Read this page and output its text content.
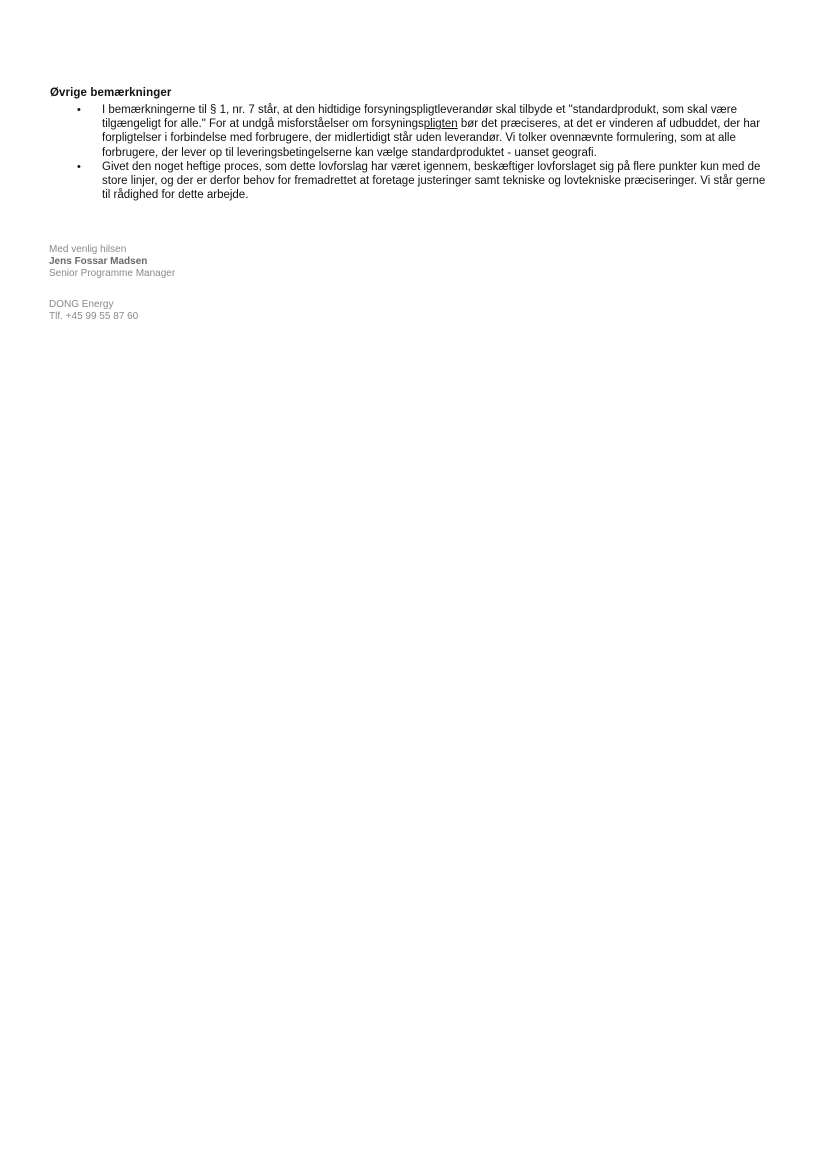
Øvrige bemærkninger
• I bemærkningerne til § 1, nr. 7 står, at den hidtidige forsyningspligtleverandør skal tilbyde et "standardprodukt, som skal være tilgængeligt for alle." For at undgå misforståelser om forsyningspligten bør det præciseres, at det er vinderen af udbuddet, der har forpligtelser i forbindelse med forbrugere, der midlertidigt står uden leverandør. Vi tolker ovennævnte formulering, som at alle forbrugere, der lever op til leveringsbetingelserne kan vælge standardproduktet - uanset geografi.
• Givet den noget heftige proces, som dette lovforslag har været igennem, beskæftiger lovforslaget sig på flere punkter kun med de store linjer, og der er derfor behov for fremadrettet at foretage justeringer samt tekniske og lovtekniske præciseringer. Vi står gerne til rådighed for dette arbejde.
Med venlig hilsen
Jens Fossar Madsen
Senior Programme Manager
DONG Energy
Tlf. +45 99 55 87 60
